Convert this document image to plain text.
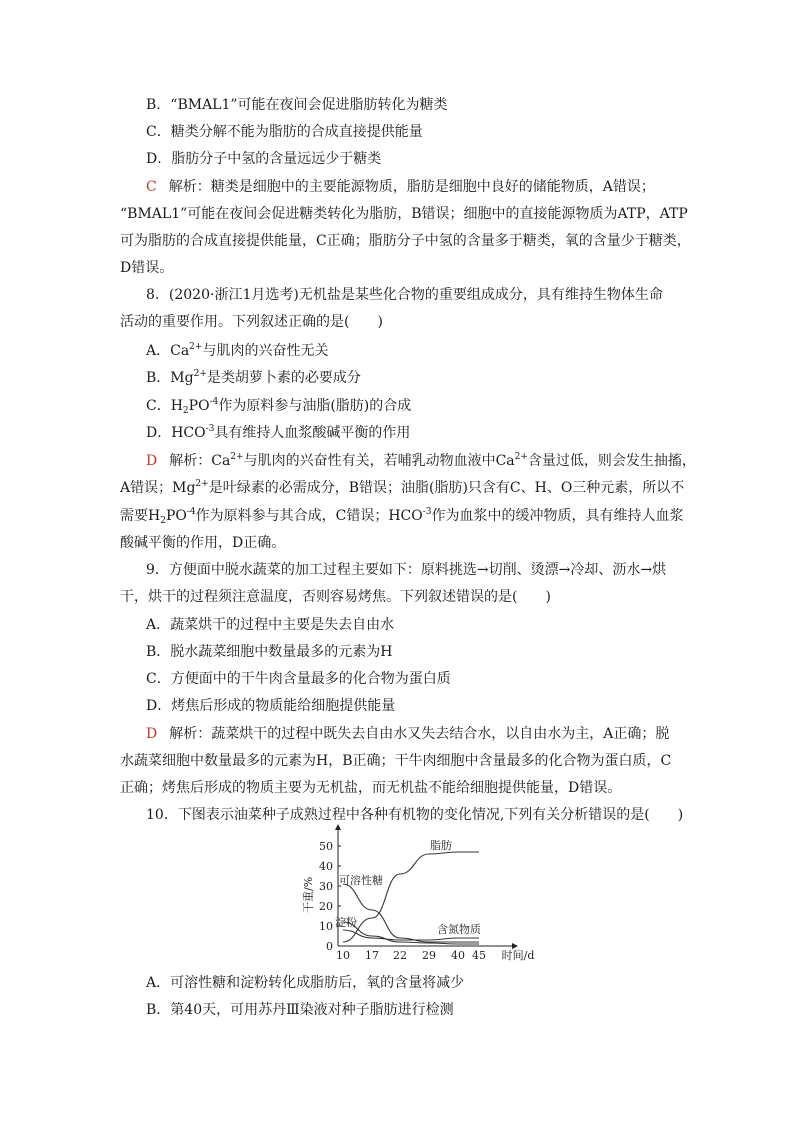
B．“BMAL1”可能在夜间会促进脂肪转化为糖类
C．糖类分解不能为脂肪的合成直接提供能量
D．脂肪分子中氢的含量远远少于糖类
C 解析：糖类是细胞中的主要能源物质，脂肪是细胞中良好的储能物质，A错误；
“BMAL1”可能在夜间会促进糖类转化为脂肪，B错误；细胞中的直接能源物质为ATP，ATP
可为脂肪的合成直接提供能量，C正确；脂肪分子中氢的含量多于糖类，氧的含量少于糖类，
D错误。
8．(2020·浙江1月选考)无机盐是某些化合物的重要组成成分，具有维持生物体生命
活动的重要作用。下列叙述正确的是(　　)
A．$Ca^{2+}$与肌肉的兴奋性无关
B．$Mg^{2+}$是类胡萝卜素的必要成分
C．$H_2PO^{-4}$作为原料参与油脂(脂肪)的合成
D．$HCO^{-3}$具有维持人血浆酸碱平衡的作用
D 解析：$Ca^{2+}$与肌肉的兴奋性有关，若哺乳动物血液中$Ca^{2+}$含量过低，则会发生抽搐，
A错误；$Mg^{2+}$是叶绿素的必需成分，B错误；油脂(脂肪)只含有C、H、O三种元素，所以不
需要$H_2PO^{-4}$作为原料参与其合成，C错误；$HCO^{-3}$作为血浆中的缓冲物质，具有维持人血浆
酸碱平衡的作用，D正确。
9．方便面中脱水蔬菜的加工过程主要如下：原料挑选→切削、烫漂→冷却、沥水→烘
干，烘干的过程须注意温度，否则容易烤焦。下列叙述错误的是(　　)
A．蔬菜烘干的过程中主要是失去自由水
B．脱水蔬菜细胞中数量最多的元素为H
C．方便面中的干牛肉含量最多的化合物为蛋白质
D．烤焦后形成的物质能给细胞提供能量
D 解析：蔬菜烘干的过程中既失去自由水又失去结合水，以自由水为主，A正确；脱
水蔬菜细胞中数量最多的元素为H，B正确；干牛肉细胞中含量最多的化合物为蛋白质，C
正确；烤焦后形成的物质主要为无机盐，而无机盐不能给细胞提供能量，D错误。
10．下图表示油菜种子成熟过程中各种有机物的变化情况,下列有关分析错误的是(　　)
0
10
20
30
40
50
10 17 22 29 40 45
干重/%
时间/d
脂肪
可溶性糖
淀粉
含氮物质
A．可溶性糖和淀粉转化成脂肪后，氧的含量将减少
B．第40天，可用苏丹Ⅲ染液对种子脂肪进行检测
